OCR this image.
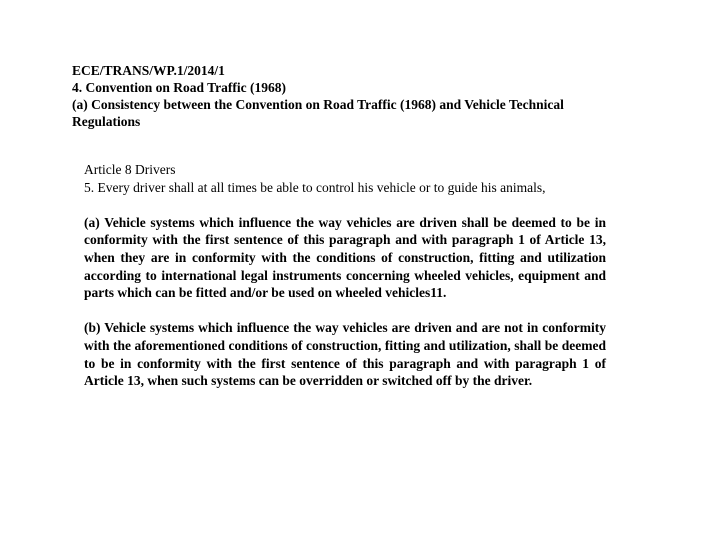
ECE/TRANS/WP.1/2014/1
4. Convention on Road Traffic (1968)
(a) Consistency between the Convention on Road Traffic (1968) and Vehicle Technical Regulations
Article 8 Drivers
5. Every driver shall at all times be able to control his vehicle or to guide his animals,

(a) Vehicle systems which influence the way vehicles are driven shall be deemed to be in conformity with the first sentence of this paragraph and with paragraph 1 of Article 13, when they are in conformity with the conditions of construction, fitting and utilization according to international legal instruments concerning wheeled vehicles, equipment and parts which can be fitted and/or be used on wheeled vehicles11.

(b) Vehicle systems which influence the way vehicles are driven and are not in conformity with the aforementioned conditions of construction, fitting and utilization, shall be deemed to be in conformity with the first sentence of this paragraph and with paragraph 1 of Article 13, when such systems can be overridden or switched off by the driver.
